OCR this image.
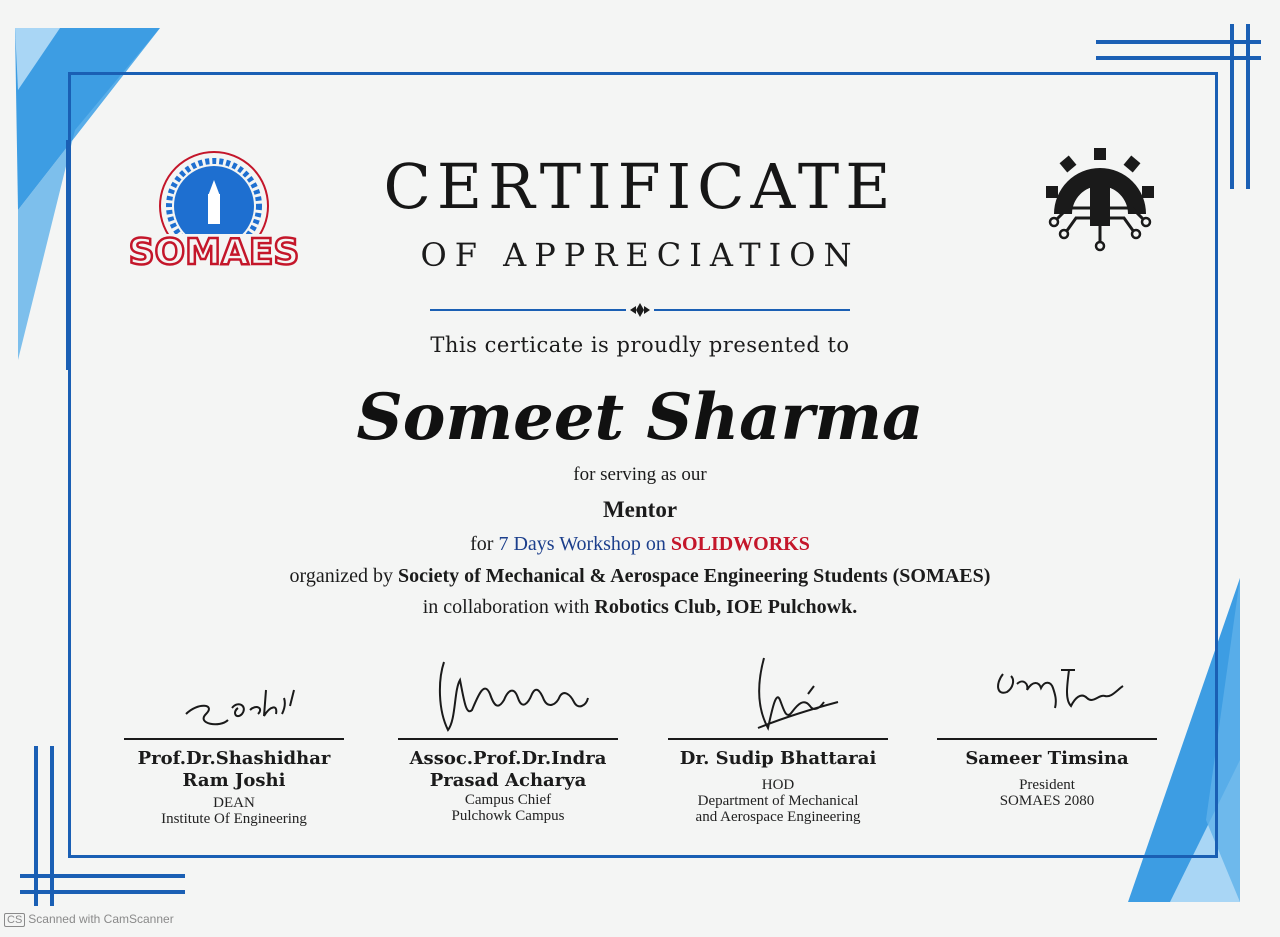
SOMAES
CERTIFICATE
OF APPRECIATION
This certicate is proudly presented to
Someet Sharma
for serving as our
Mentor
for 7 Days Workshop on SOLIDWORKS
organized by Society of Mechanical & Aerospace Engineering Students (SOMAES)
in collaboration with Robotics Club, IOE Pulchowk.
Prof.Dr.Shashidhar
Ram Joshi
DEAN
Institute Of Engineering
Assoc.Prof.Dr.Indra
Prasad Acharya
Campus Chief
Pulchowk Campus
Dr. Sudip Bhattarai
HOD
Department of Mechanical
and Aerospace Engineering
Sameer Timsina
President
SOMAES 2080
CS Scanned with CamScanner
